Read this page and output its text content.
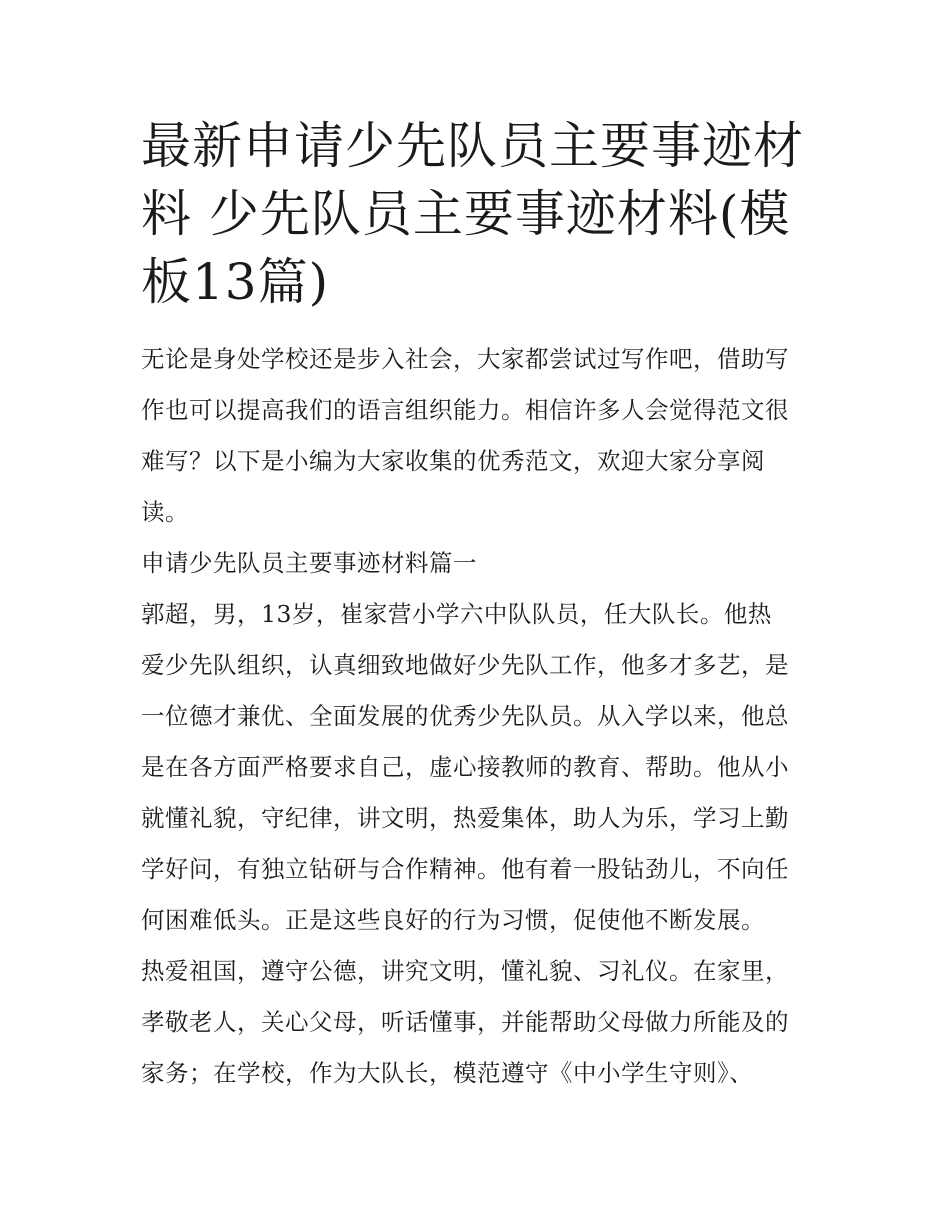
最新申请少先队员主要事迹材
料 少先队员主要事迹材料(模
板13篇)

无论是身处学校还是步入社会，大家都尝试过写作吧，借助写
作也可以提高我们的语言组织能力。相信许多人会觉得范文很
难写？以下是小编为大家收集的优秀范文，欢迎大家分享阅
读。

申请少先队员主要事迹材料篇一

郭超，男，13岁，崔家营小学六中队队员，任大队长。他热
爱少先队组织，认真细致地做好少先队工作，他多才多艺，是
一位德才兼优、全面发展的优秀少先队员。从入学以来，他总
是在各方面严格要求自己，虚心接教师的教育、帮助。他从小
就懂礼貌，守纪律，讲文明，热爱集体，助人为乐，学习上勤
学好问，有独立钻研与合作精神。他有着一股钻劲儿，不向任
何困难低头。正是这些良好的行为习惯，促使他不断发展。

热爱祖国，遵守公德，讲究文明，懂礼貌、习礼仪。在家里，
孝敬老人，关心父母，听话懂事，并能帮助父母做力所能及的
家务；在学校，作为大队长，模范遵守《中小学生守则》、
